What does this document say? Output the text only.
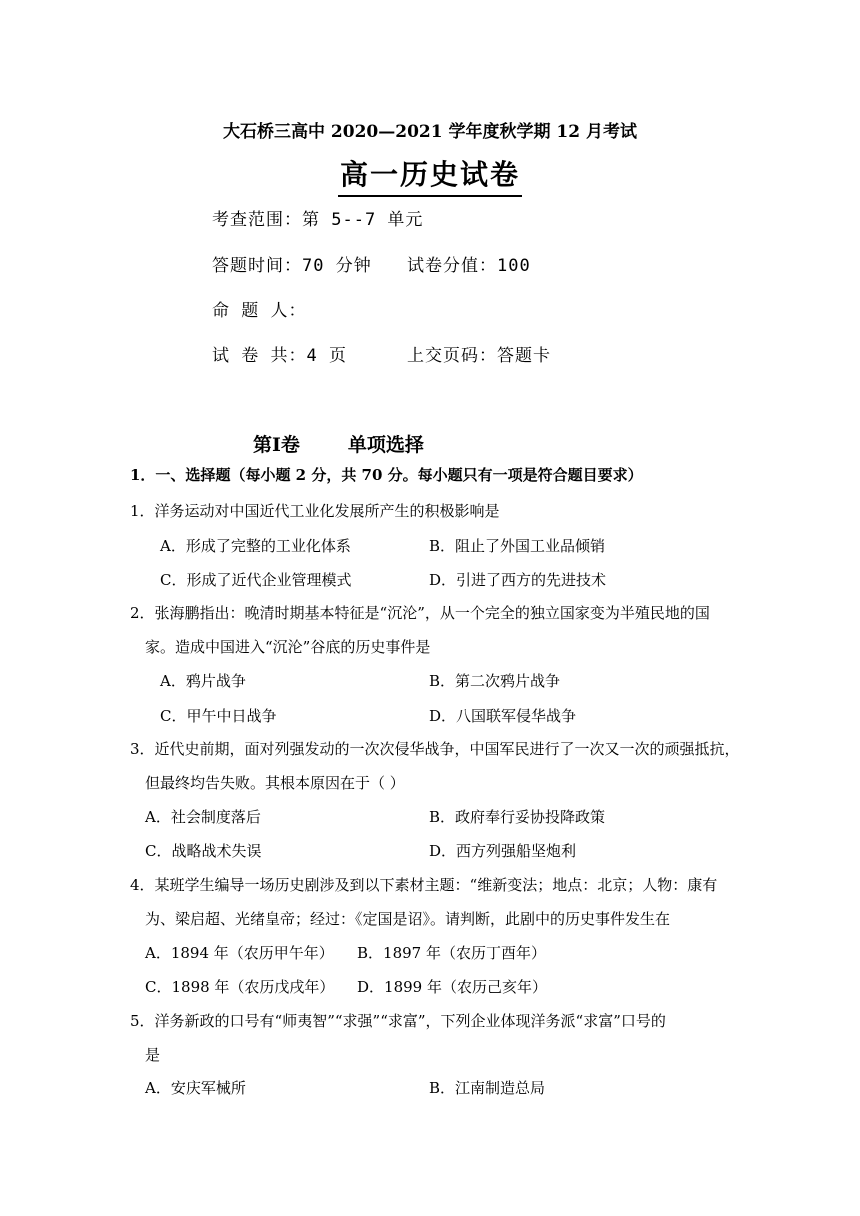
大石桥三高中 2020—2021 学年度秋学期 12 月考试
高一历史试卷
考查范围：第 5--7 单元
答题时间：70 分钟 试卷分值：100
命 题 人：
试 卷 共：4 页	上交页码：答题卡
第Ⅰ卷	单项选择
1．一、选择题（每小题 2 分，共 70 分。每小题只有一项是符合题目要求）
1．洋务运动对中国近代工业化发展所产生的积极影响是
A．形成了完整的工业化体系	B．阻止了外国工业品倾销
C．形成了近代企业管理模式	D．引进了西方的先进技术
2．张海鹏指出：晚清时期基本特征是“沉沦”，从一个完全的独立国家变为半殖民地的国
家。造成中国进入“沉沦”谷底的历史事件是
A．鸦片战争	B．第二次鸦片战争
C．甲午中日战争	D．八国联军侵华战争
3．近代史前期，面对列强发动的一次次侵华战争，中国军民进行了一次又一次的顽强抵抗，
但最终均告失败。其根本原因在于（ ）
A．社会制度落后	B．政府奉行妥协投降政策
C．战略战术失误	D．西方列强船坚炮利
4．某班学生编导一场历史剧涉及到以下素材主题：“维新变法；地点：北京；人物：康有
为、梁启超、光绪皇帝；经过：《定国是诏》。请判断，此剧中的历史事件发生在
A．1894 年（农历甲午年） B．1897 年（农历丁酉年）
C．1898 年（农历戊戌年） D．1899 年（农历己亥年）
5．洋务新政的口号有“师夷智”“求强”“求富”，下列企业体现洋务派“求富”口号的
是
A．安庆军械所	B．江南制造总局
